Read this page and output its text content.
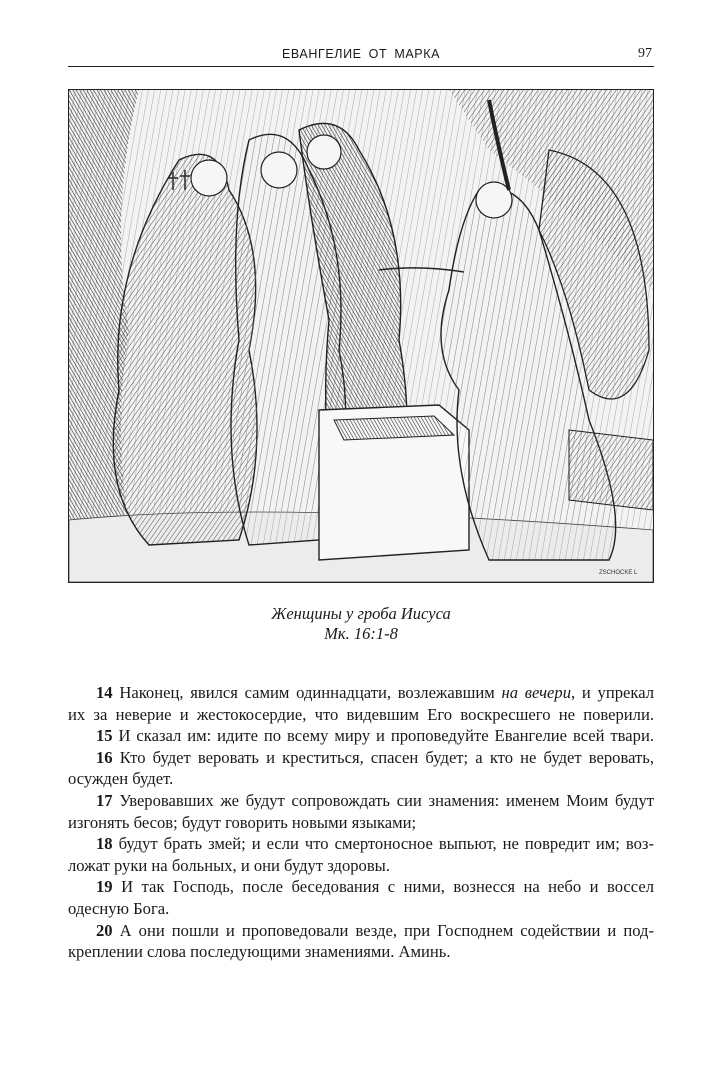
ЕВАНГЕЛИЕ ОТ МАРКА	97
ZSCHOCKE L
Женщины у гроба Иисуса
Мк. 16:1-8
14 Наконец, явился самим одиннадцати, возлежавшим на вечери, и упрекал
их за неверие и жестокосердие, что видевшим Его воскресшего не поверили.
15 И сказал им: идите по всему миру и проповедуйте Евангелие всей твари.
16 Кто будет веровать и креститься, спасен будет; а кто не будет веровать,
осужден будет.
17 Уверовавших же будут сопровождать сии знамения: именем Моим будут
изгонять бесов; будут говорить новыми языками;
18 будут брать змей; и если что смертоносное выпьют, не повредит им; воз-
ложат руки на больных, и они будут здоровы.
19 И так Господь, после беседования с ними, вознесся на небо и воссел
одесную Бога.
20 А они пошли и проповедовали везде, при Господнем содействии и под-
креплении слова последующими знамениями. Аминь.
